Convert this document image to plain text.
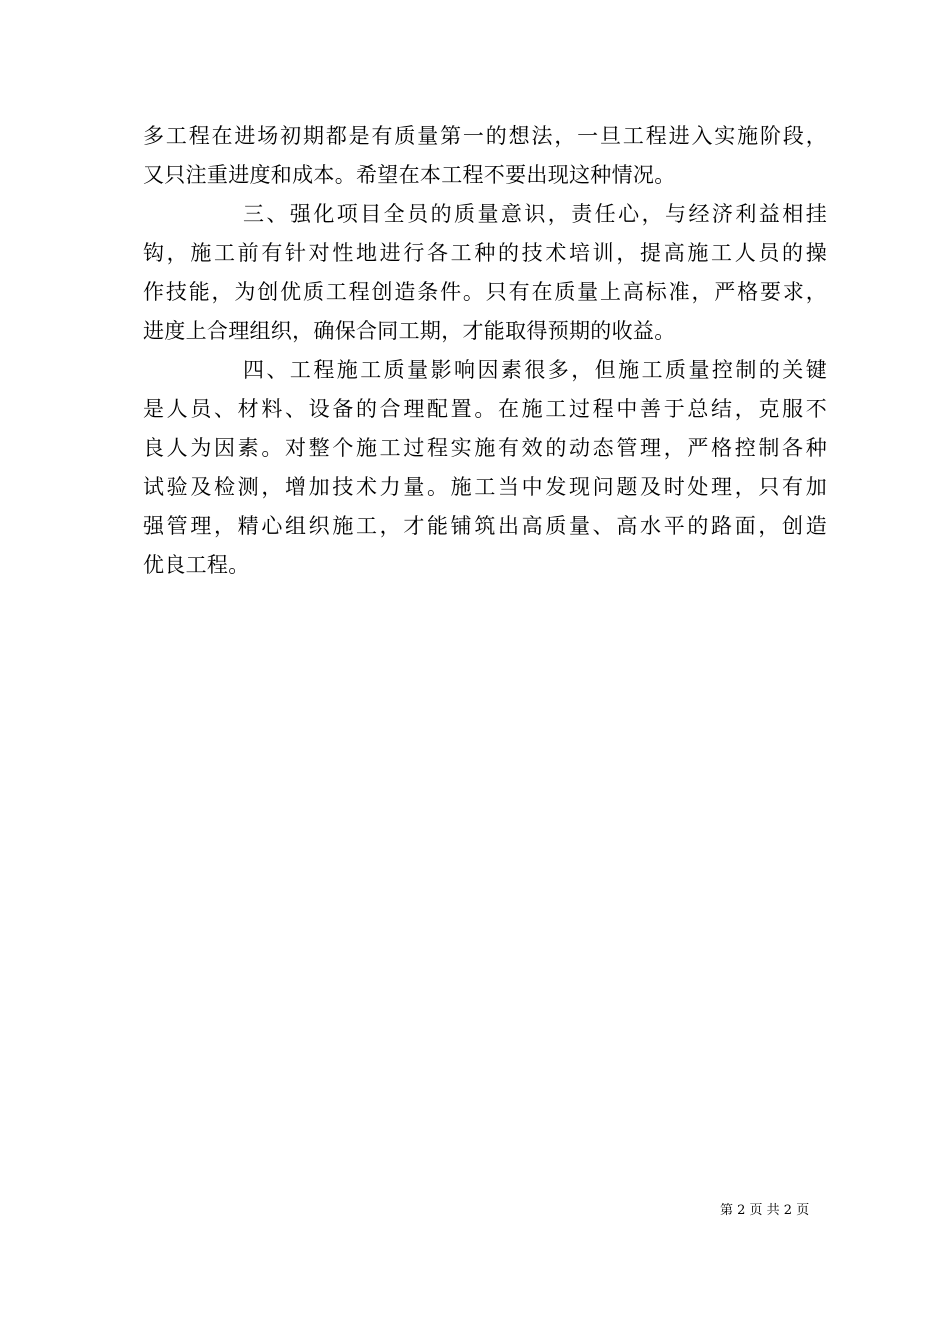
多工程在进场初期都是有质量第一的想法，一旦工程进入实施阶段，
又只注重进度和成本。希望在本工程不要出现这种情况。
三、强化项目全员的质量意识，责任心，与经济利益相挂
钩，施工前有针对性地进行各工种的技术培训，提高施工人员的操
作技能，为创优质工程创造条件。只有在质量上高标准，严格要求，
进度上合理组织，确保合同工期，才能取得预期的收益。
四、工程施工质量影响因素很多，但施工质量控制的关键
是人员、材料、设备的合理配置。在施工过程中善于总结，克服不
良人为因素。对整个施工过程实施有效的动态管理，严格控制各种
试验及检测，增加技术力量。施工当中发现问题及时处理，只有加
强管理，精心组织施工，才能铺筑出高质量、高水平的路面，创造
优良工程。
第 2 页 共 2 页
